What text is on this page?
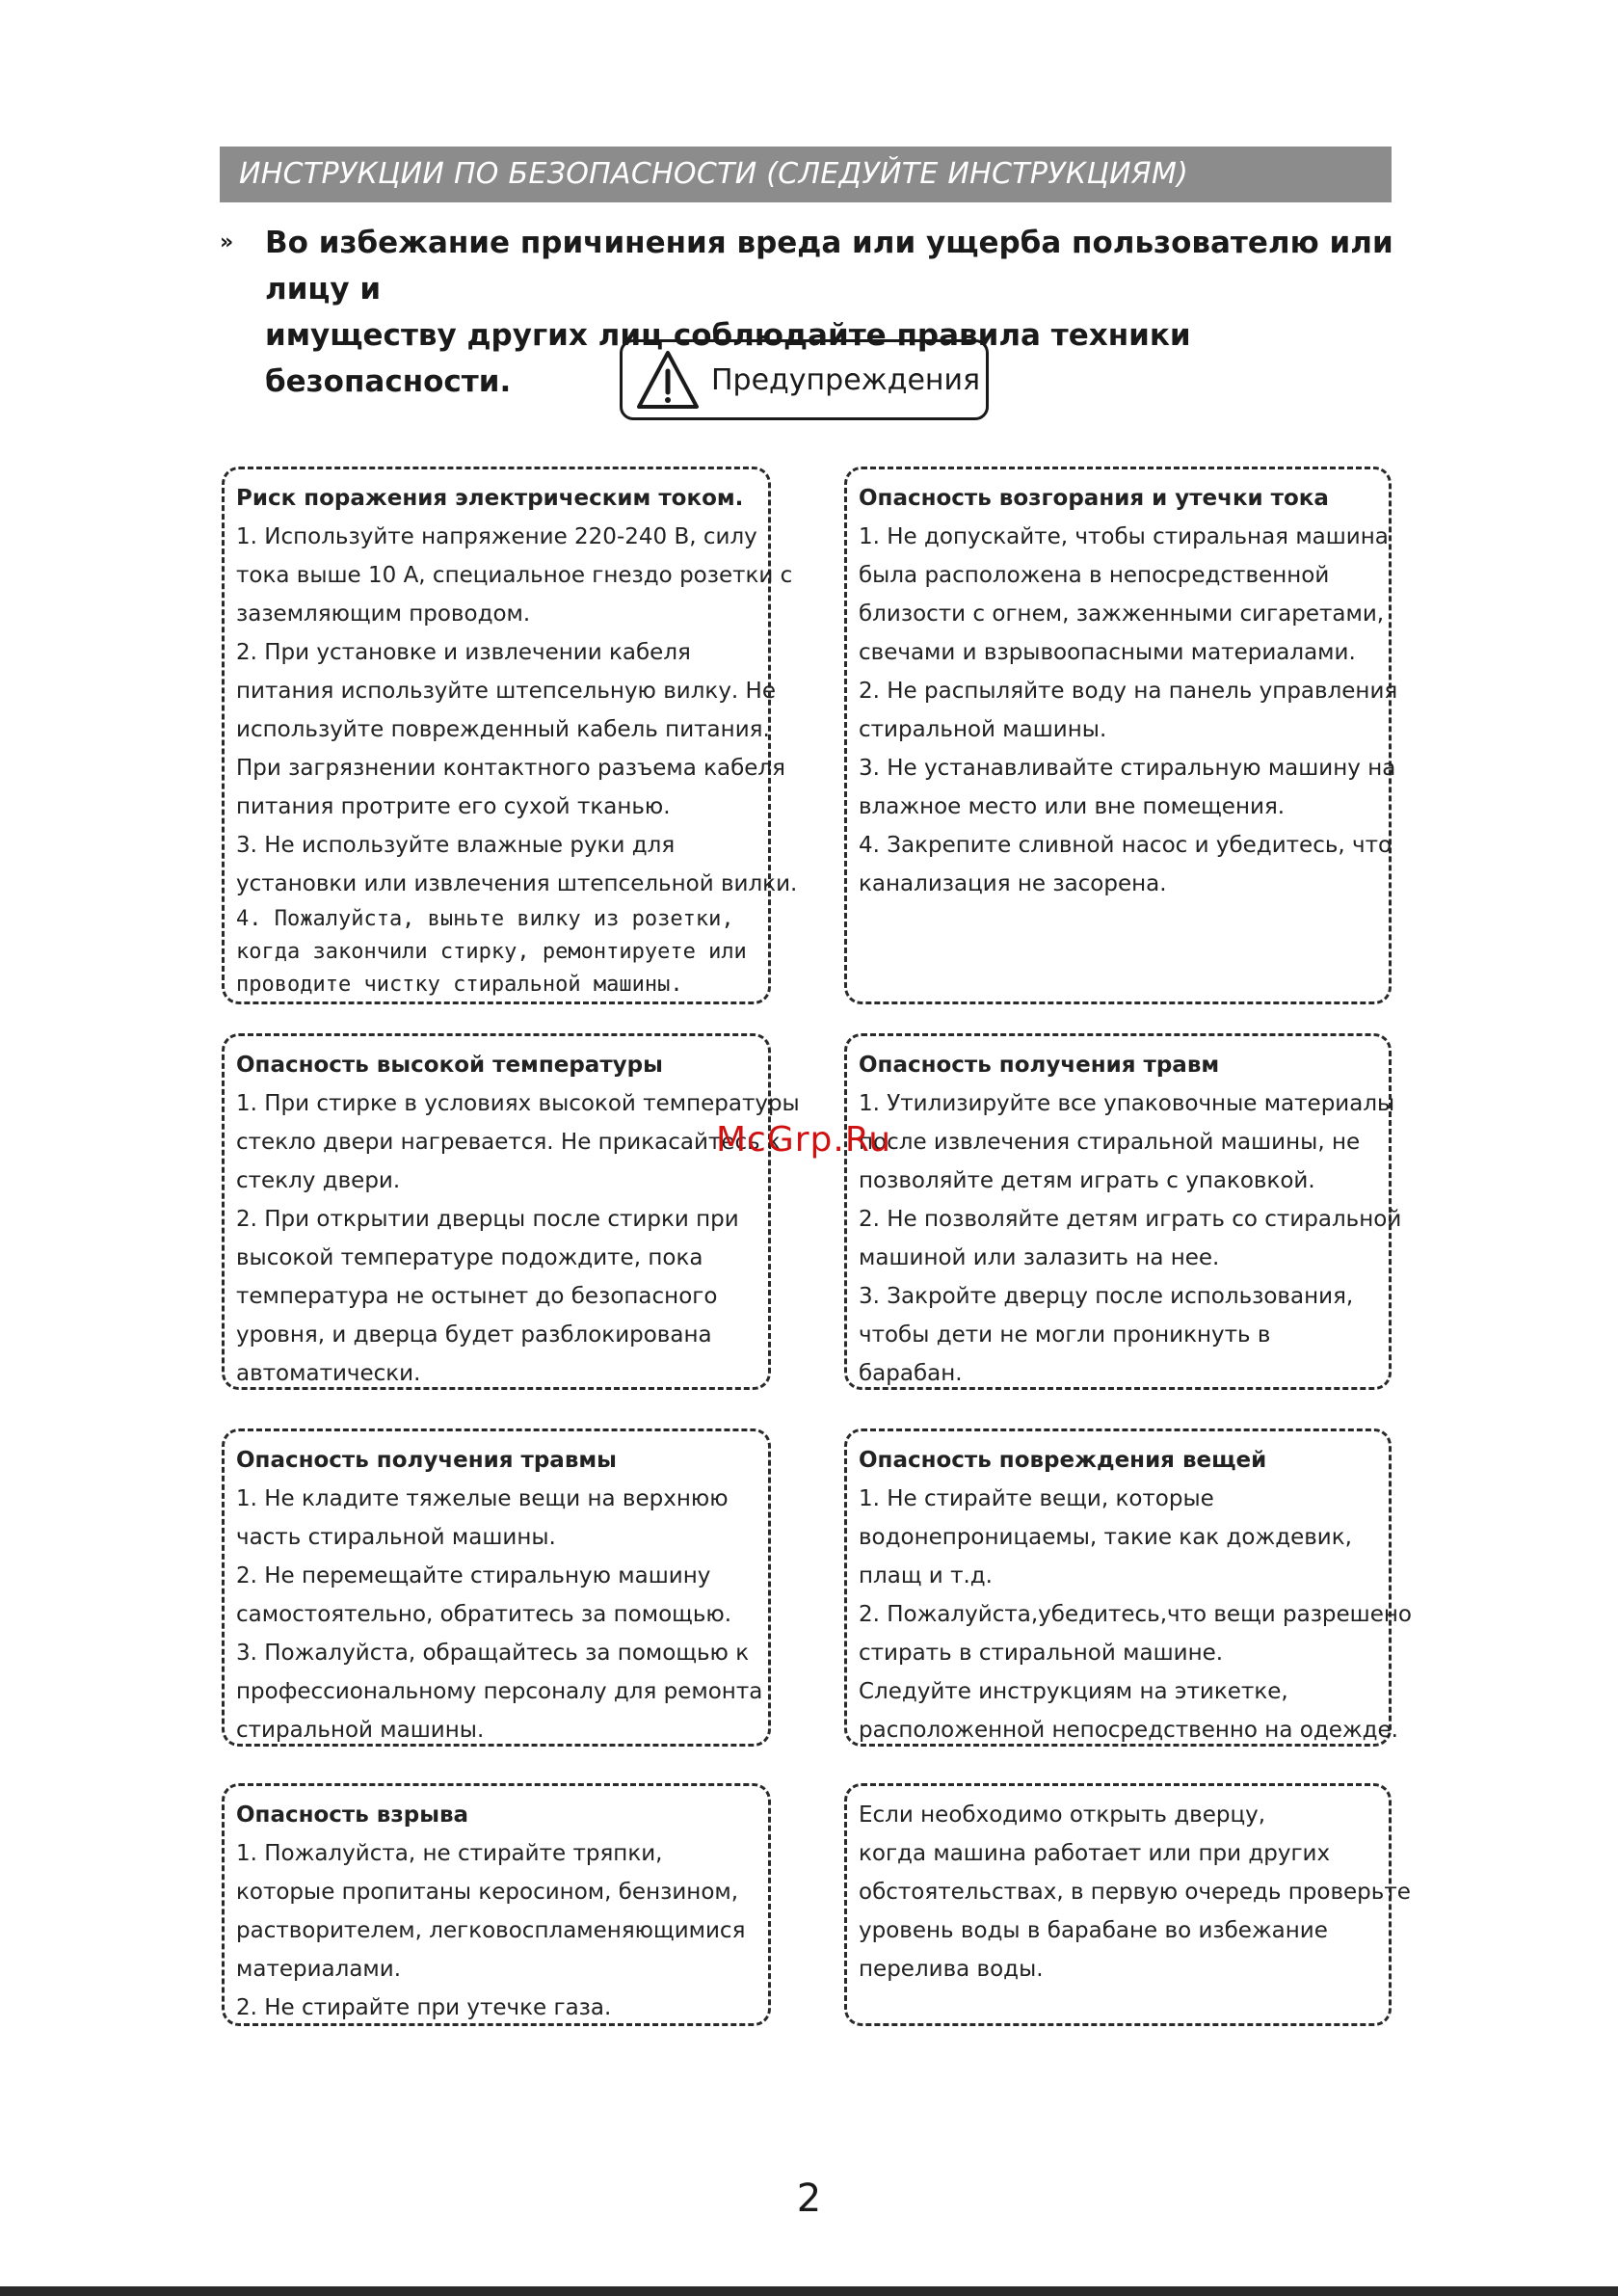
ИНСТРУКЦИИ ПО БЕЗОПАСНОСТИ (СЛЕДУЙТЕ ИНСТРУКЦИЯМ)
» Во избежание причинения вреда или ущерба пользователю или лицу и
имуществу других лиц соблюдайте правила техники безопасности.	Предупреждения
Риск поражения электрическим током.
1. Используйте напряжение 220-240 В, силу
тока выше 10 А, специальное гнездо розетки с
заземляющим проводом.
2. При установке и извлечении кабеля
питания используйте штепсельную вилку. Не
используйте поврежденный кабель питания.
При загрязнении контактного разъема кабеля
питания протрите его сухой тканью.
3. Не используйте влажные руки для
установки или извлечения штепсельной вилки.
4. Пожалуйста, выньте вилку из розетки,
когда закончили стирку, ремонтируете или
проводите чистку стиральной машины.
Опасность возгорания и утечки тока
1. Не допускайте, чтобы стиральная машина
была расположена в непосредственной
близости с огнем, зажженными сигаретами,
свечами и взрывоопасными материалами.
2. Не распыляйте воду на панель управления
стиральной машины.
3. Не устанавливайте стиральную машину на
влажное место или вне помещения.
4. Закрепите сливной насос и убедитесь, что
канализация не засорена.
Опасность высокой температуры
1. При стирке в условиях высокой температуры
стекло двери нагревается. Не прикасайтесь к
стеклу двери.
2. При открытии дверцы после стирки при
высокой температуре подождите, пока
температура не остынет до безопасного
уровня, и дверца будет разблокирована
автоматически.
Опасность получения травм
1. Утилизируйте все упаковочные материалы
после извлечения стиральной машины, не
позволяйте детям играть с упаковкой.
2. Не позволяйте детям играть со стиральной
машиной или залазить на нее.
3. Закройте дверцу после использования,
чтобы дети не могли проникнуть в
барабан.
Опасность получения травмы
1. Не кладите тяжелые вещи на верхнюю
часть стиральной машины.
2. Не перемещайте стиральную машину
самостоятельно, обратитесь за помощью.
3. Пожалуйста, обращайтесь за помощью к
профессиональному персоналу для ремонта
стиральной машины.
Опасность повреждения вещей
1. Не стирайте вещи, которые
водонепроницаемы, такие как дождевик,
плащ и т.д.
2. Пожалуйста,убедитесь,что вещи разрешено
стирать в стиральной машине.
Следуйте инструкциям на этикетке,
расположенной непосредственно на одежде.
Опасность взрыва
1. Пожалуйста, не стирайте тряпки,
которые пропитаны керосином, бензином,
растворителем, легковоспламеняющимися
материалами.
2. Не стирайте при утечке газа.
Если необходимо открыть дверцу,
когда машина работает или при других
обстоятельствах, в первую очередь проверьте
уровень воды в барабане во избежание
перелива воды.
McGrp.Ru
2
